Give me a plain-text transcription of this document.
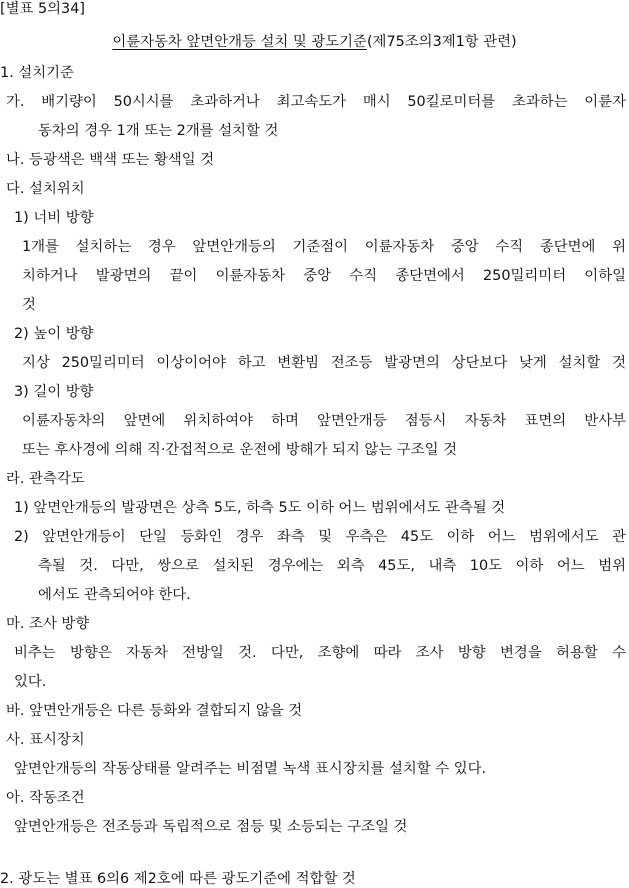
[별표 5의34]
이륜자동차 앞면안개등 설치 및 광도기준(제75조의3제1항 관련)
1. 설치기준
가. 배기량이 50시시를 초과하거나 최고속도가 매시 50킬로미터를 초과하는 이륜자
동차의 경우 1개 또는 2개를 설치할 것
나. 등광색은 백색 또는 황색일 것
다. 설치위치
1) 너비 방향
1개를 설치하는 경우 앞면안개등의 기준점이 이륜자동차 중앙 수직 종단면에 위
치하거나 발광면의 끝이 이륜자동차 중앙 수직 종단면에서 250밀리미터 이하일
것
2) 높이 방향
지상 250밀리미터 이상이어야 하고 변환빔 전조등 발광면의 상단보다 낮게 설치할 것
3) 길이 방향
이륜자동차의 앞면에 위치하여야 하며 앞면안개등 점등시 자동차 표면의 반사부
또는 후사경에 의해 직·간접적으로 운전에 방해가 되지 않는 구조일 것
라. 관측각도
1) 앞면안개등의 발광면은 상측 5도, 하측 5도 이하 어느 범위에서도 관측될 것
2) 앞면안개등이 단일 등화인 경우 좌측 및 우측은 45도 이하 어느 범위에서도 관
측될 것. 다만, 쌍으로 설치된 경우에는 외측 45도, 내측 10도 이하 어느 범위
에서도 관측되어야 한다.
마. 조사 방향
비추는 방향은 자동차 전방일 것. 다만, 조향에 따라 조사 방향 변경을 허용할 수
있다.
바. 앞면안개등은 다른 등화와 결합되지 않을 것
사. 표시장치
앞면안개등의 작동상태를 알려주는 비점멸 녹색 표시장치를 설치할 수 있다.
아. 작동조건
앞면안개등은 전조등과 독립적으로 점등 및 소등되는 구조일 것
2. 광도는 별표 6의6 제2호에 따른 광도기준에 적합할 것
